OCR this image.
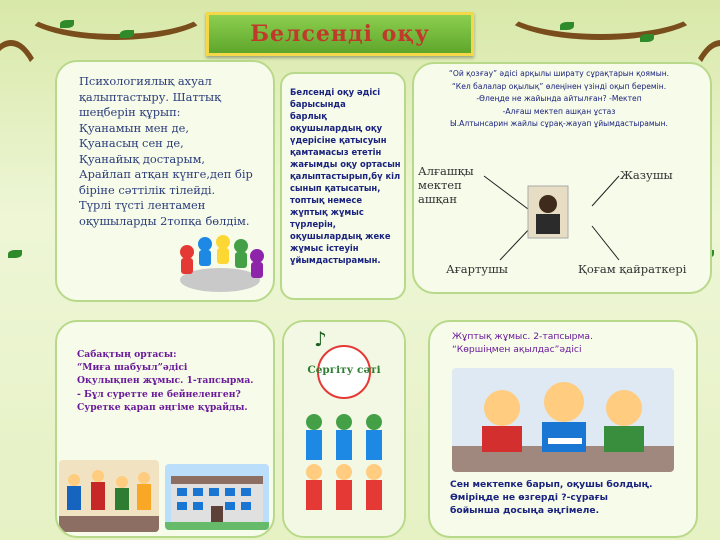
Белсенді оқу
Психологиялық ахуал қалыптастыру. Шаттық шеңберін құрып:
Қуанамын мен де,
Қуанасың сен де,
Қуанайық достарым,
Арайлап атқан күнге,деп бір біріне сәттілік тілейді.
Түрлі түсті лентамен оқушыларды 2топқа бөлдім.
Белсенді оқу әдісі барысында
барлық оқушылардың оқу үдерісіне қатысуын қамтамасыз ететін жағымды оқу ортасын қалыптастырып,бү кіл сынып қатысатын, топтық немесе жұптық жұмыс түрлерін, оқушылардың жеке жұмыс істеуін ұйымдастырамын.
“Ой қозғау” әдісі арқылы ширату сұрақтарын қоямын.
“Кел балалар оқылық” өлеңінен үзінді оқып беремін.
-Өлеңде не жайында айтылған? -Мектеп
-Алғаш мектеп ашқан ұстаз
Ы.Алтынсарин жайлы сұрақ-жауап ұйымдастырамын.
Алғашқы
мектеп
ашқан
Жазушы
Ағартушы	Қоғам қайраткері
Сабақтың ортасы:
“Миға шабуыл”әдісі
Оқулықпен жұмыс. 1-тапсырма.
- Бұл суретте не бейнеленген?
Суретке қарап әңгіме құрайды.
♪
Сергіту сәті
Жұптық жұмыс. 2-тапсырма.
“Көршіңмен ақылдас”әдісі
Сен мектепке барып, оқушы болдың.
Өміріңде не өзгерді ?-сұрағы бойынша досыңа әңгімеле.
